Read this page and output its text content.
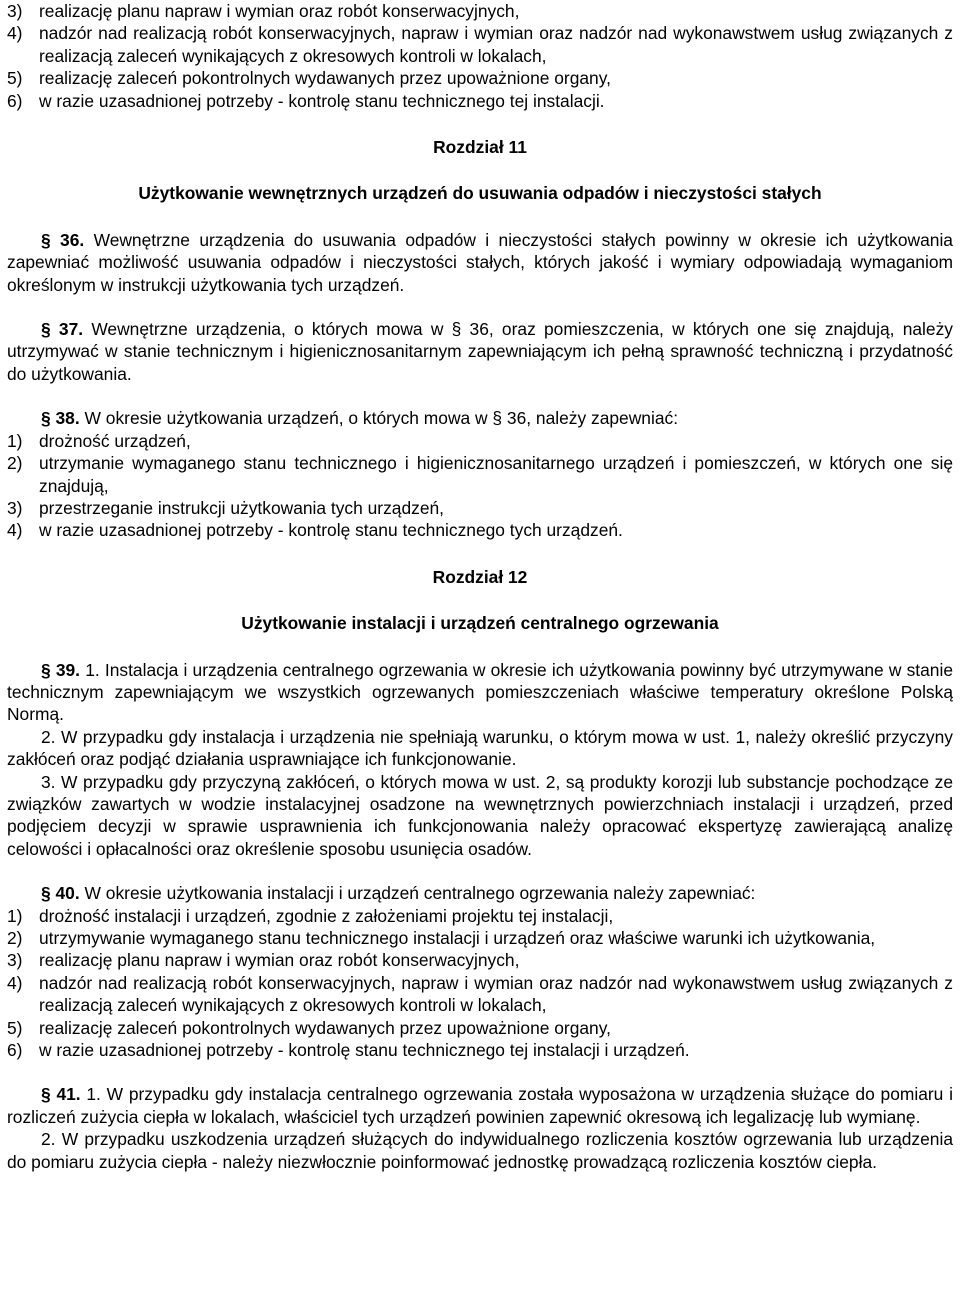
3) realizację planu napraw i wymian oraz robót konserwacyjnych,
4) nadzór nad realizacją robót konserwacyjnych, napraw i wymian oraz nadzór nad wykonawstwem usług związanych z realizacją zaleceń wynikających z okresowych kontroli w lokalach,
5) realizację zaleceń pokontrolnych wydawanych przez upoważnione organy,
6) w razie uzasadnionej potrzeby - kontrolę stanu technicznego tej instalacji.
Rozdział 11
Użytkowanie wewnętrznych urządzeń do usuwania odpadów i nieczystości stałych

§ 36. Wewnętrzne urządzenia do usuwania odpadów i nieczystości stałych powinny w okresie ich użytkowania zapewniać możliwość usuwania odpadów i nieczystości stałych, których jakość i wymiary odpowiadają wymaganiom określonym w instrukcji użytkowania tych urządzeń.

§ 37. Wewnętrzne urządzenia, o których mowa w § 36, oraz pomieszczenia, w których one się znajdują, należy utrzymywać w stanie technicznym i higienicznosanitarnym zapewniającym ich pełną sprawność techniczną i przydatność do użytkowania.

§ 38. W okresie użytkowania urządzeń, o których mowa w § 36, należy zapewniać:

1) drożność urządzeń,
2) utrzymanie wymaganego stanu technicznego i higienicznosanitarnego urządzeń i pomieszczeń, w których one się znajdują,
3) przestrzeganie instrukcji użytkowania tych urządzeń,
4) w razie uzasadnionej potrzeby - kontrolę stanu technicznego tych urządzeń.
Rozdział 12
Użytkowanie instalacji i urządzeń centralnego ogrzewania

§ 39. 1. Instalacja i urządzenia centralnego ogrzewania w okresie ich użytkowania powinny być utrzymywane w stanie technicznym zapewniającym we wszystkich ogrzewanych pomieszczeniach właściwe temperatury określone Polską Normą.

2. W przypadku gdy instalacja i urządzenia nie spełniają warunku, o którym mowa w ust. 1, należy określić przyczyny zakłóceń oraz podjąć działania usprawniające ich funkcjonowanie.

3. W przypadku gdy przyczyną zakłóceń, o których mowa w ust. 2, są produkty korozji lub substancje pochodzące ze związków zawartych w wodzie instalacyjnej osadzone na wewnętrznych powierzchniach instalacji i urządzeń, przed podjęciem decyzji w sprawie usprawnienia ich funkcjonowania należy opracować ekspertyzę zawierającą analizę celowości i opłacalności oraz określenie sposobu usunięcia osadów.

§ 40. W okresie użytkowania instalacji i urządzeń centralnego ogrzewania należy zapewniać:

1) drożność instalacji i urządzeń, zgodnie z założeniami projektu tej instalacji,
2) utrzymywanie wymaganego stanu technicznego instalacji i urządzeń oraz właściwe warunki ich użytkowania,
3) realizację planu napraw i wymian oraz robót konserwacyjnych,
4) nadzór nad realizacją robót konserwacyjnych, napraw i wymian oraz nadzór nad wykonawstwem usług związanych z realizacją zaleceń wynikających z okresowych kontroli w lokalach,
5) realizację zaleceń pokontrolnych wydawanych przez upoważnione organy,
6) w razie uzasadnionej potrzeby - kontrolę stanu technicznego tej instalacji i urządzeń.

§ 41. 1. W przypadku gdy instalacja centralnego ogrzewania została wyposażona w urządzenia służące do pomiaru i rozliczeń zużycia ciepła w lokalach, właściciel tych urządzeń powinien zapewnić okresową ich legalizację lub wymianę.

2. W przypadku uszkodzenia urządzeń służących do indywidualnego rozliczenia kosztów ogrzewania lub urządzenia do pomiaru zużycia ciepła - należy niezwłocznie poinformować jednostkę prowadzącą rozliczenia kosztów ciepła.
